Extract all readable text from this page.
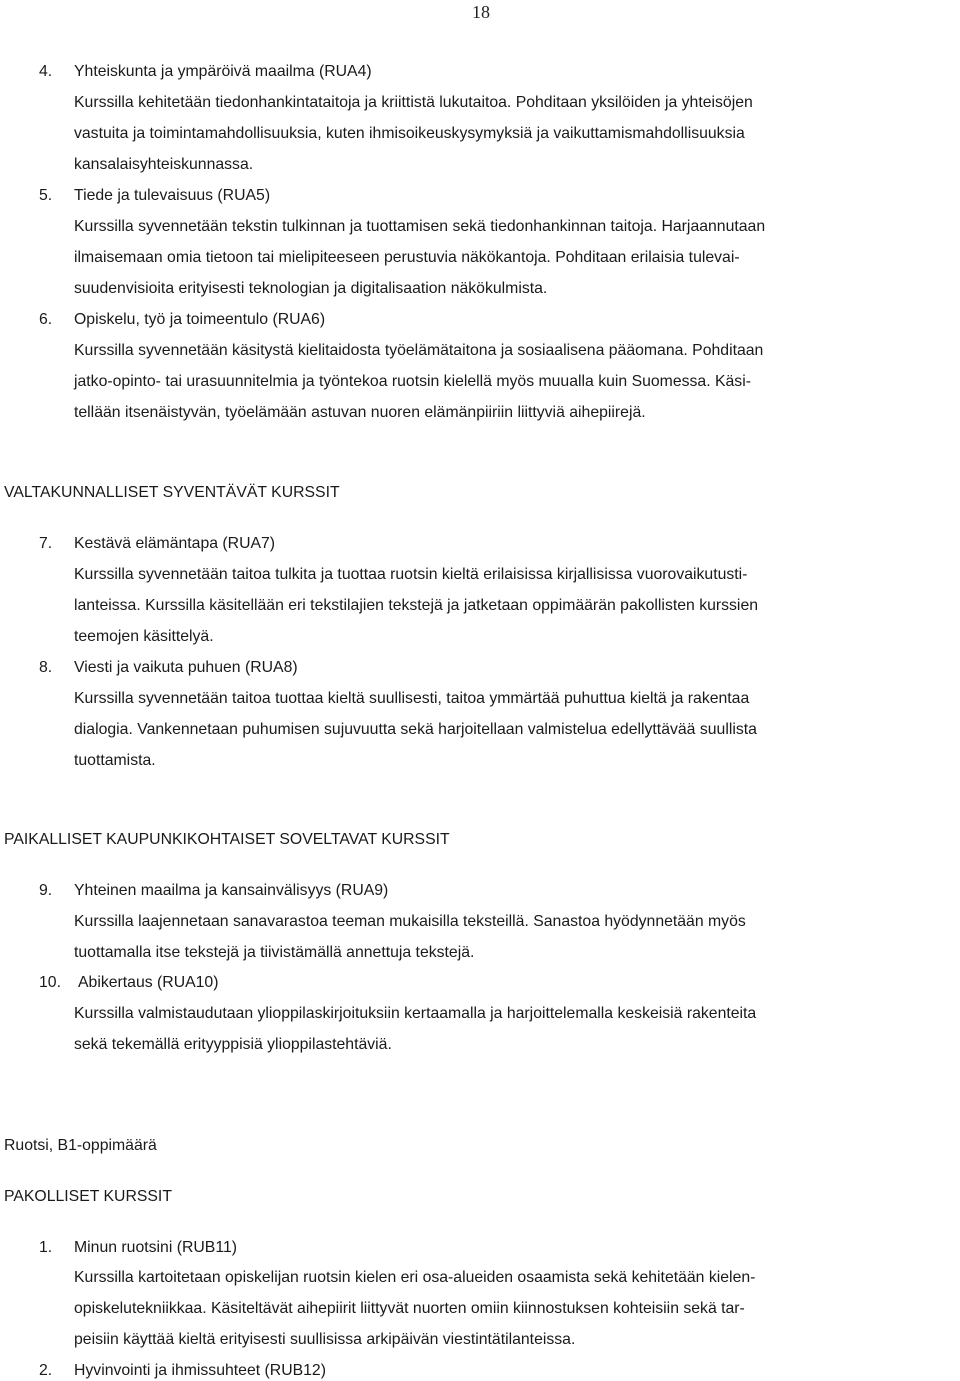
18
4. Yhteiskunta ja ympäröivä maailma (RUA4)
Kurssilla kehitetään tiedonhankintataitoja ja kriittistä lukutaitoa. Pohditaan yksilöiden ja yhteisöjen
vastuita ja toimintamahdollisuuksia, kuten ihmisoikeuskysymyksiä ja vaikuttamismahdollisuuksia
kansalaisyhteiskunnassa.
5. Tiede ja tulevaisuus (RUA5)
Kurssilla syvennetään tekstin tulkinnan ja tuottamisen sekä tiedonhankinnan taitoja. Harjaannutaan
ilmaisemaan omia tietoon tai mielipiteeseen perustuvia näkökantoja. Pohditaan erilaisia tulevai-
suudenvisioita erityisesti teknologian ja digitalisaation näkökulmista.
6. Opiskelu, työ ja toimeentulo (RUA6)
Kurssilla syvennetään käsitystä kielitaidosta työelämätaitona ja sosiaalisena pääomana. Pohditaan
jatko-opinto- tai urasuunnitelmia ja työntekoa ruotsin kielellä myös muualla kuin Suomessa. Käsi-
tellään itsenäistyvän, työelämään astuvan nuoren elämänpiiriin liittyviä aihepiirejä.
VALTAKUNNALLISET SYVENTÄVÄT KURSSIT
7. Kestävä elämäntapa (RUA7)
Kurssilla syvennetään taitoa tulkita ja tuottaa ruotsin kieltä erilaisissa kirjallisissa vuorovaikutusti-
lanteissa. Kurssilla käsitellään eri tekstilajien tekstejä ja jatketaan oppimäärän pakollisten kurssien
teemojen käsittelyä.
8. Viesti ja vaikuta puhuen (RUA8)
Kurssilla syvennetään taitoa tuottaa kieltä suullisesti, taitoa ymmärtää puhuttua kieltä ja rakentaa
dialogia. Vankennetaan puhumisen sujuvuutta sekä harjoitellaan valmistelua edellyttävää suullista
tuottamista.
PAIKALLISET KAUPUNKIKOHTAISET SOVELTAVAT KURSSIT
9. Yhteinen maailma ja kansainvälisyys (RUA9)
Kurssilla laajennetaan sanavarastoa teeman mukaisilla teksteillä. Sanastoa hyödynnetään myös
tuottamalla itse tekstejä ja tiivistämällä annettuja tekstejä.
10. Abikertaus (RUA10)
Kurssilla valmistaudutaan ylioppilaskirjoituksiin kertaamalla ja harjoittelemalla keskeisiä rakenteita
sekä tekemällä erityyppisiä ylioppilastehtäviä.
Ruotsi, B1-oppimäärä
PAKOLLISET KURSSIT
1. Minun ruotsini (RUB11)
Kurssilla kartoitetaan opiskelijan ruotsin kielen eri osa-alueiden osaamista sekä kehitetään kielen-
opiskelutekniikkaa. Käsiteltävät aihepiirit liittyvät nuorten omiin kiinnostuksen kohteisiin sekä tar-
peisiin käyttää kieltä erityisesti suullisissa arkipäivän viestintätilanteissa.
2. Hyvinvointi ja ihmissuhteet (RUB12)
